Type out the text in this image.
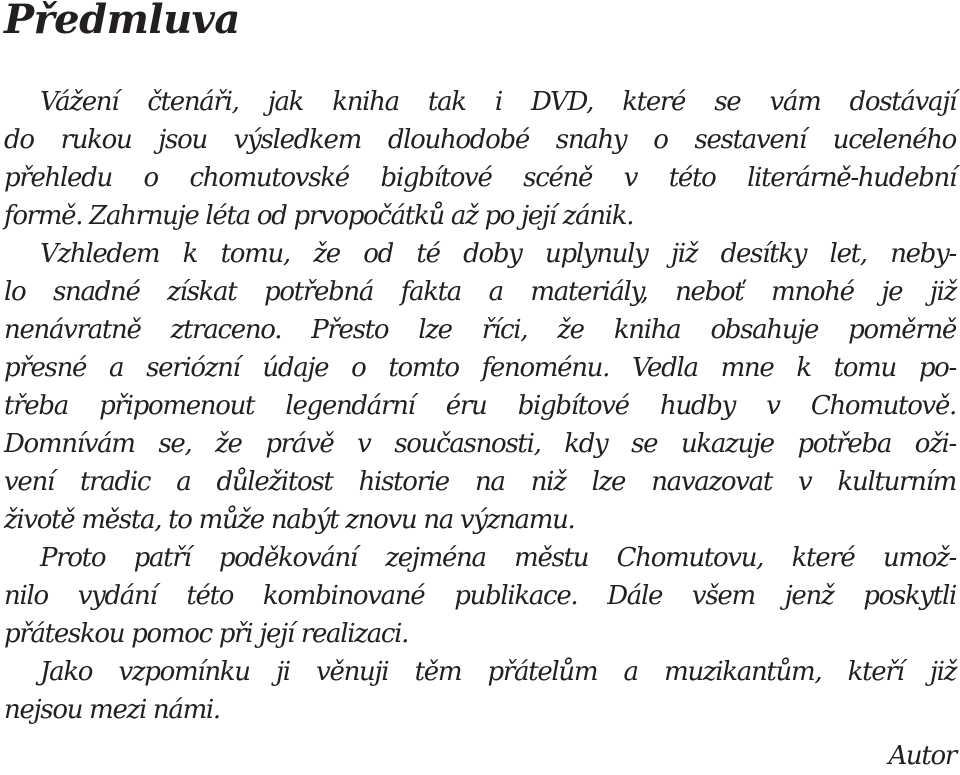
Předmluva
Vážení čtenáři, jak kniha tak i DVD, které se vám dostávají
do rukou jsou výsledkem dlouhodobé snahy o sestavení uceleného
přehledu o chomutovské bigbítové scéně v této literárně-hudební
formě. Zahrnuje léta od prvopočátků až po její zánik.
Vzhledem k tomu, že od té doby uplynuly již desítky let, neby-
lo snadné získat potřebná fakta a materiály, neboť mnohé je již
nenávratně ztraceno. Přesto lze říci, že kniha obsahuje poměrně
přesné a seriózní údaje o tomto fenoménu. Vedla mne k tomu po-
třeba připomenout legendární éru bigbítové hudby v Chomutově.
Domnívám se, že právě v současnosti, kdy se ukazuje potřeba oži-
vení tradic a důležitost historie na niž lze navazovat v kulturním
životě města, to může nabýt znovu na významu.
Proto patří poděkování zejména městu Chomutovu, které umož-
nilo vydání této kombinované publikace. Dále všem jenž poskytli
přáteskou pomoc při její realizaci.
Jako vzpomínku ji věnuji těm přátelům a muzikantům, kteří již
nejsou mezi námi.
Autor
